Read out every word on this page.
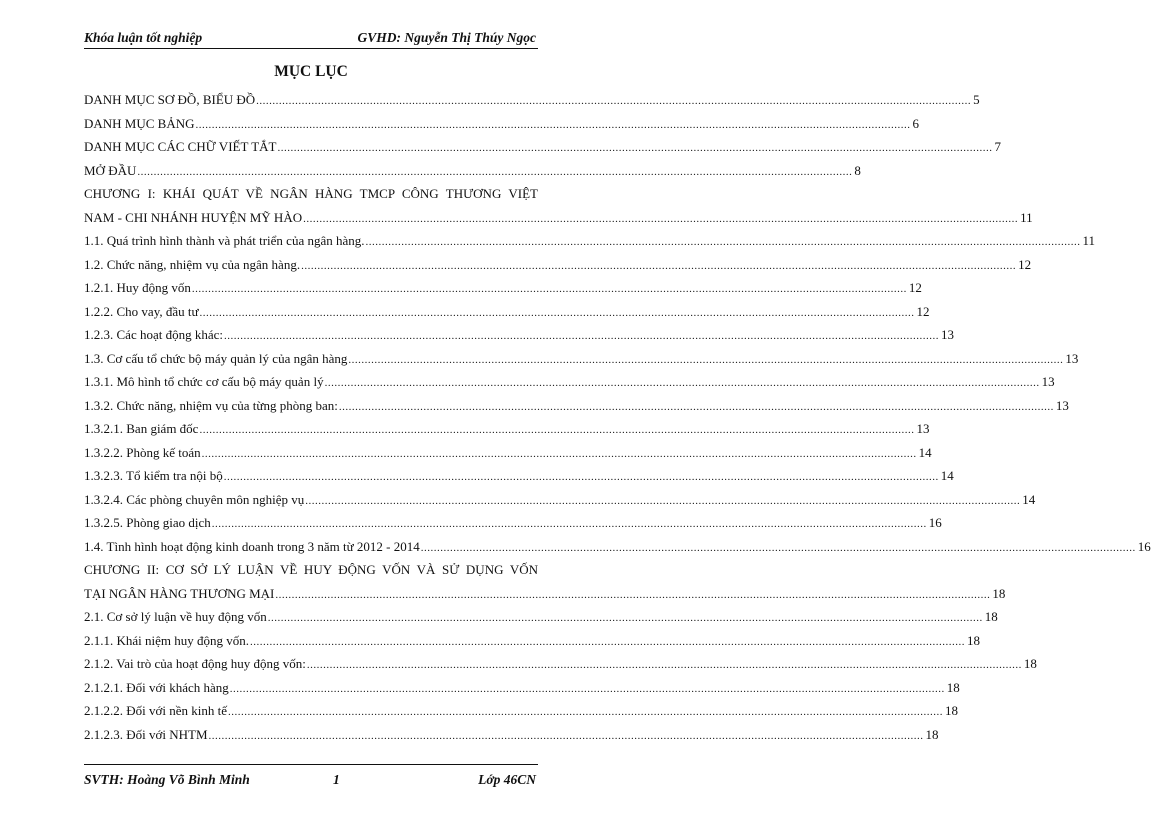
Khóa luận tốt nghiệp	GVHD: Nguyễn Thị Thúy Ngọc
MỤC LỤC
DANH MỤC SƠ ĐỒ, BIỂU ĐỒ ............................................................................................................................................................................................................................ 5
DANH MỤC BẢNG ............................................................................................................................................................................................................................ 6
DANH MỤC CÁC CHỮ VIẾT TẮT ............................................................................................................................................................................................................................ 7
MỞ ĐẦU ............................................................................................................................................................................................................................ 8
CHƯƠNG I: KHÁI QUÁT VỀ NGÂN HÀNG TMCP CÔNG THƯƠNG VIỆT
NAM - CHI NHÁNH HUYỆN MỸ HÀO ............................................................................................................................................................................................................................ 11
1.1. Quá trình hình thành và phát triển của ngân hàng. ............................................................................................................................................................................................................................ 11
1.2. Chức năng, nhiệm vụ của ngân hàng. ............................................................................................................................................................................................................................ 12
1.2.1. Huy động vốn ............................................................................................................................................................................................................................ 12
1.2.2. Cho vay, đầu tư ............................................................................................................................................................................................................................ 12
1.2.3. Các hoạt động khác: ............................................................................................................................................................................................................................ 13
1.3. Cơ cấu tổ chức bộ máy quản lý của ngân hàng ............................................................................................................................................................................................................................ 13
1.3.1. Mô hình tổ chức cơ cấu bộ máy quản lý ............................................................................................................................................................................................................................ 13
1.3.2. Chức năng, nhiệm vụ của từng phòng ban: ............................................................................................................................................................................................................................ 13
1.3.2.1. Ban giám đốc ............................................................................................................................................................................................................................ 13
1.3.2.2. Phòng kế toán ............................................................................................................................................................................................................................ 14
1.3.2.3. Tổ kiểm tra nội bộ ............................................................................................................................................................................................................................ 14
1.3.2.4. Các phòng chuyên môn nghiệp vụ ............................................................................................................................................................................................................................ 14
1.3.2.5. Phòng giao dịch ............................................................................................................................................................................................................................ 16
1.4. Tình hình hoạt động kinh doanh trong 3 năm từ 2012 - 2014 ............................................................................................................................................................................................................................ 16
CHƯƠNG II: CƠ SỞ LÝ LUẬN VỀ HUY ĐỘNG VỐN VÀ SỬ DỤNG VỐN
TẠI NGÂN HÀNG THƯƠNG MẠI ............................................................................................................................................................................................................................ 18
2.1. Cơ sở lý luận về huy động vốn ............................................................................................................................................................................................................................ 18
2.1.1. Khái niệm huy động vốn. ............................................................................................................................................................................................................................ 18
2.1.2. Vai trò của hoạt động huy động vốn: ............................................................................................................................................................................................................................ 18
2.1.2.1. Đối với khách hàng ............................................................................................................................................................................................................................ 18
2.1.2.2. Đối với nền kinh tế ............................................................................................................................................................................................................................ 18
2.1.2.3. Đối với NHTM ............................................................................................................................................................................................................................ 18
SVTH: Hoàng Võ Bình Minh	1	Lớp 46CN
